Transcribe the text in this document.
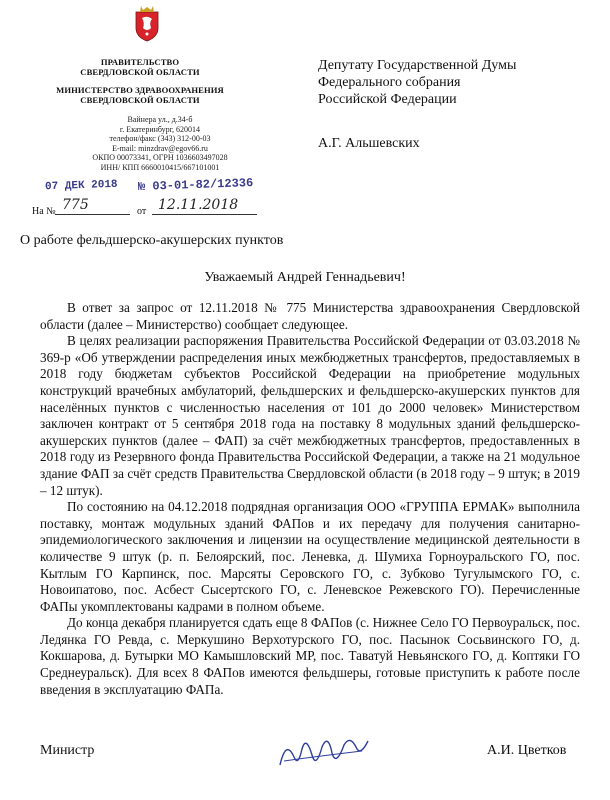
ПРАВИТЕЛЬСТВО
СВЕРДЛОВСКОЙ ОБЛАСТИ
МИНИСТЕРСТВО ЗДРАВООХРАНЕНИЯ
СВЕРДЛОВСКОЙ ОБЛАСТИ
Вайнера ул., д.34-б
г. Екатеринбург, 620014
телефон/факс (343) 312-00-03
E-mail: minzdrav@egov66.ru
ОКПО 00073341, ОГРН 1036603497028
ИНН/ КПП 6660010415/667101001
07 ДЕК 2018 № 03-01-82/12336
На № 775	от 12.11.2018
Депутату Государственной Думы
Федерального собрания
Российской Федерации
А.Г. Альшевских
О работе фельдшерско-акушерских пунктов
Уважаемый Андрей Геннадьевич!

В ответ за запрос от 12.11.2018 № 775 Министерства здравоохранения Свердловской области (далее – Министерство) сообщает следующее.

В целях реализации распоряжения Правительства Российской Федерации от 03.03.2018 № 369-р «Об утверждении распределения иных межбюджетных трансфертов, предоставляемых в 2018 году бюджетам субъектов Российской Федерации на приобретение модульных конструкций врачебных амбулаторий, фельдшерских и фельдшерско-акушерских пунктов для населённых пунктов с численностью населения от 101 до 2000 человек» Министерством заключен контракт от 5 сентября 2018 года на поставку 8 модульных зданий фельдшерско-акушерских пунктов (далее – ФАП) за счёт межбюджетных трансфертов, предоставленных в 2018 году из Резервного фонда Правительства Российской Федерации, а также на 21 модульное здание ФАП за счёт средств Правительства Свердловской области (в 2018 году – 9 штук; в 2019 – 12 штук).

По состоянию на 04.12.2018 подрядная организация ООО «ГРУППА ЕРМАК» выполнила поставку, монтаж модульных зданий ФАПов и их передачу для получения санитарно-эпидемиологического заключения и лицензии на осуществление медицинской деятельности в количестве 9 штук (р. п. Белоярский, пос. Леневка, д. Шумиха Горноуральского ГО, пос. Кытлым ГО Карпинск, пос. Марсяты Серовского ГО, с. Зубково Тугулымского ГО, с. Новоипатово, пос. Асбест Сысертского ГО, с. Леневское Режевского ГО). Перечисленные ФАПы укомплектованы кадрами в полном объеме.

До конца декабря планируется сдать еще 8 ФАПов (с. Нижнее Село ГО Первоуральск, пос. Ледянка ГО Ревда, с. Меркушино Верхотурского ГО, пос. Пасынок Сосьвинского ГО, д. Кокшарова, д. Бутырки МО Камышловский МР, пос. Таватуй Невьянского ГО, д. Коптяки ГО Среднеуральск). Для всех 8 ФАПов имеются фельдшеры, готовые приступить к работе после введения в эксплуатацию ФАПа.

Министр	А.И. Цветков
